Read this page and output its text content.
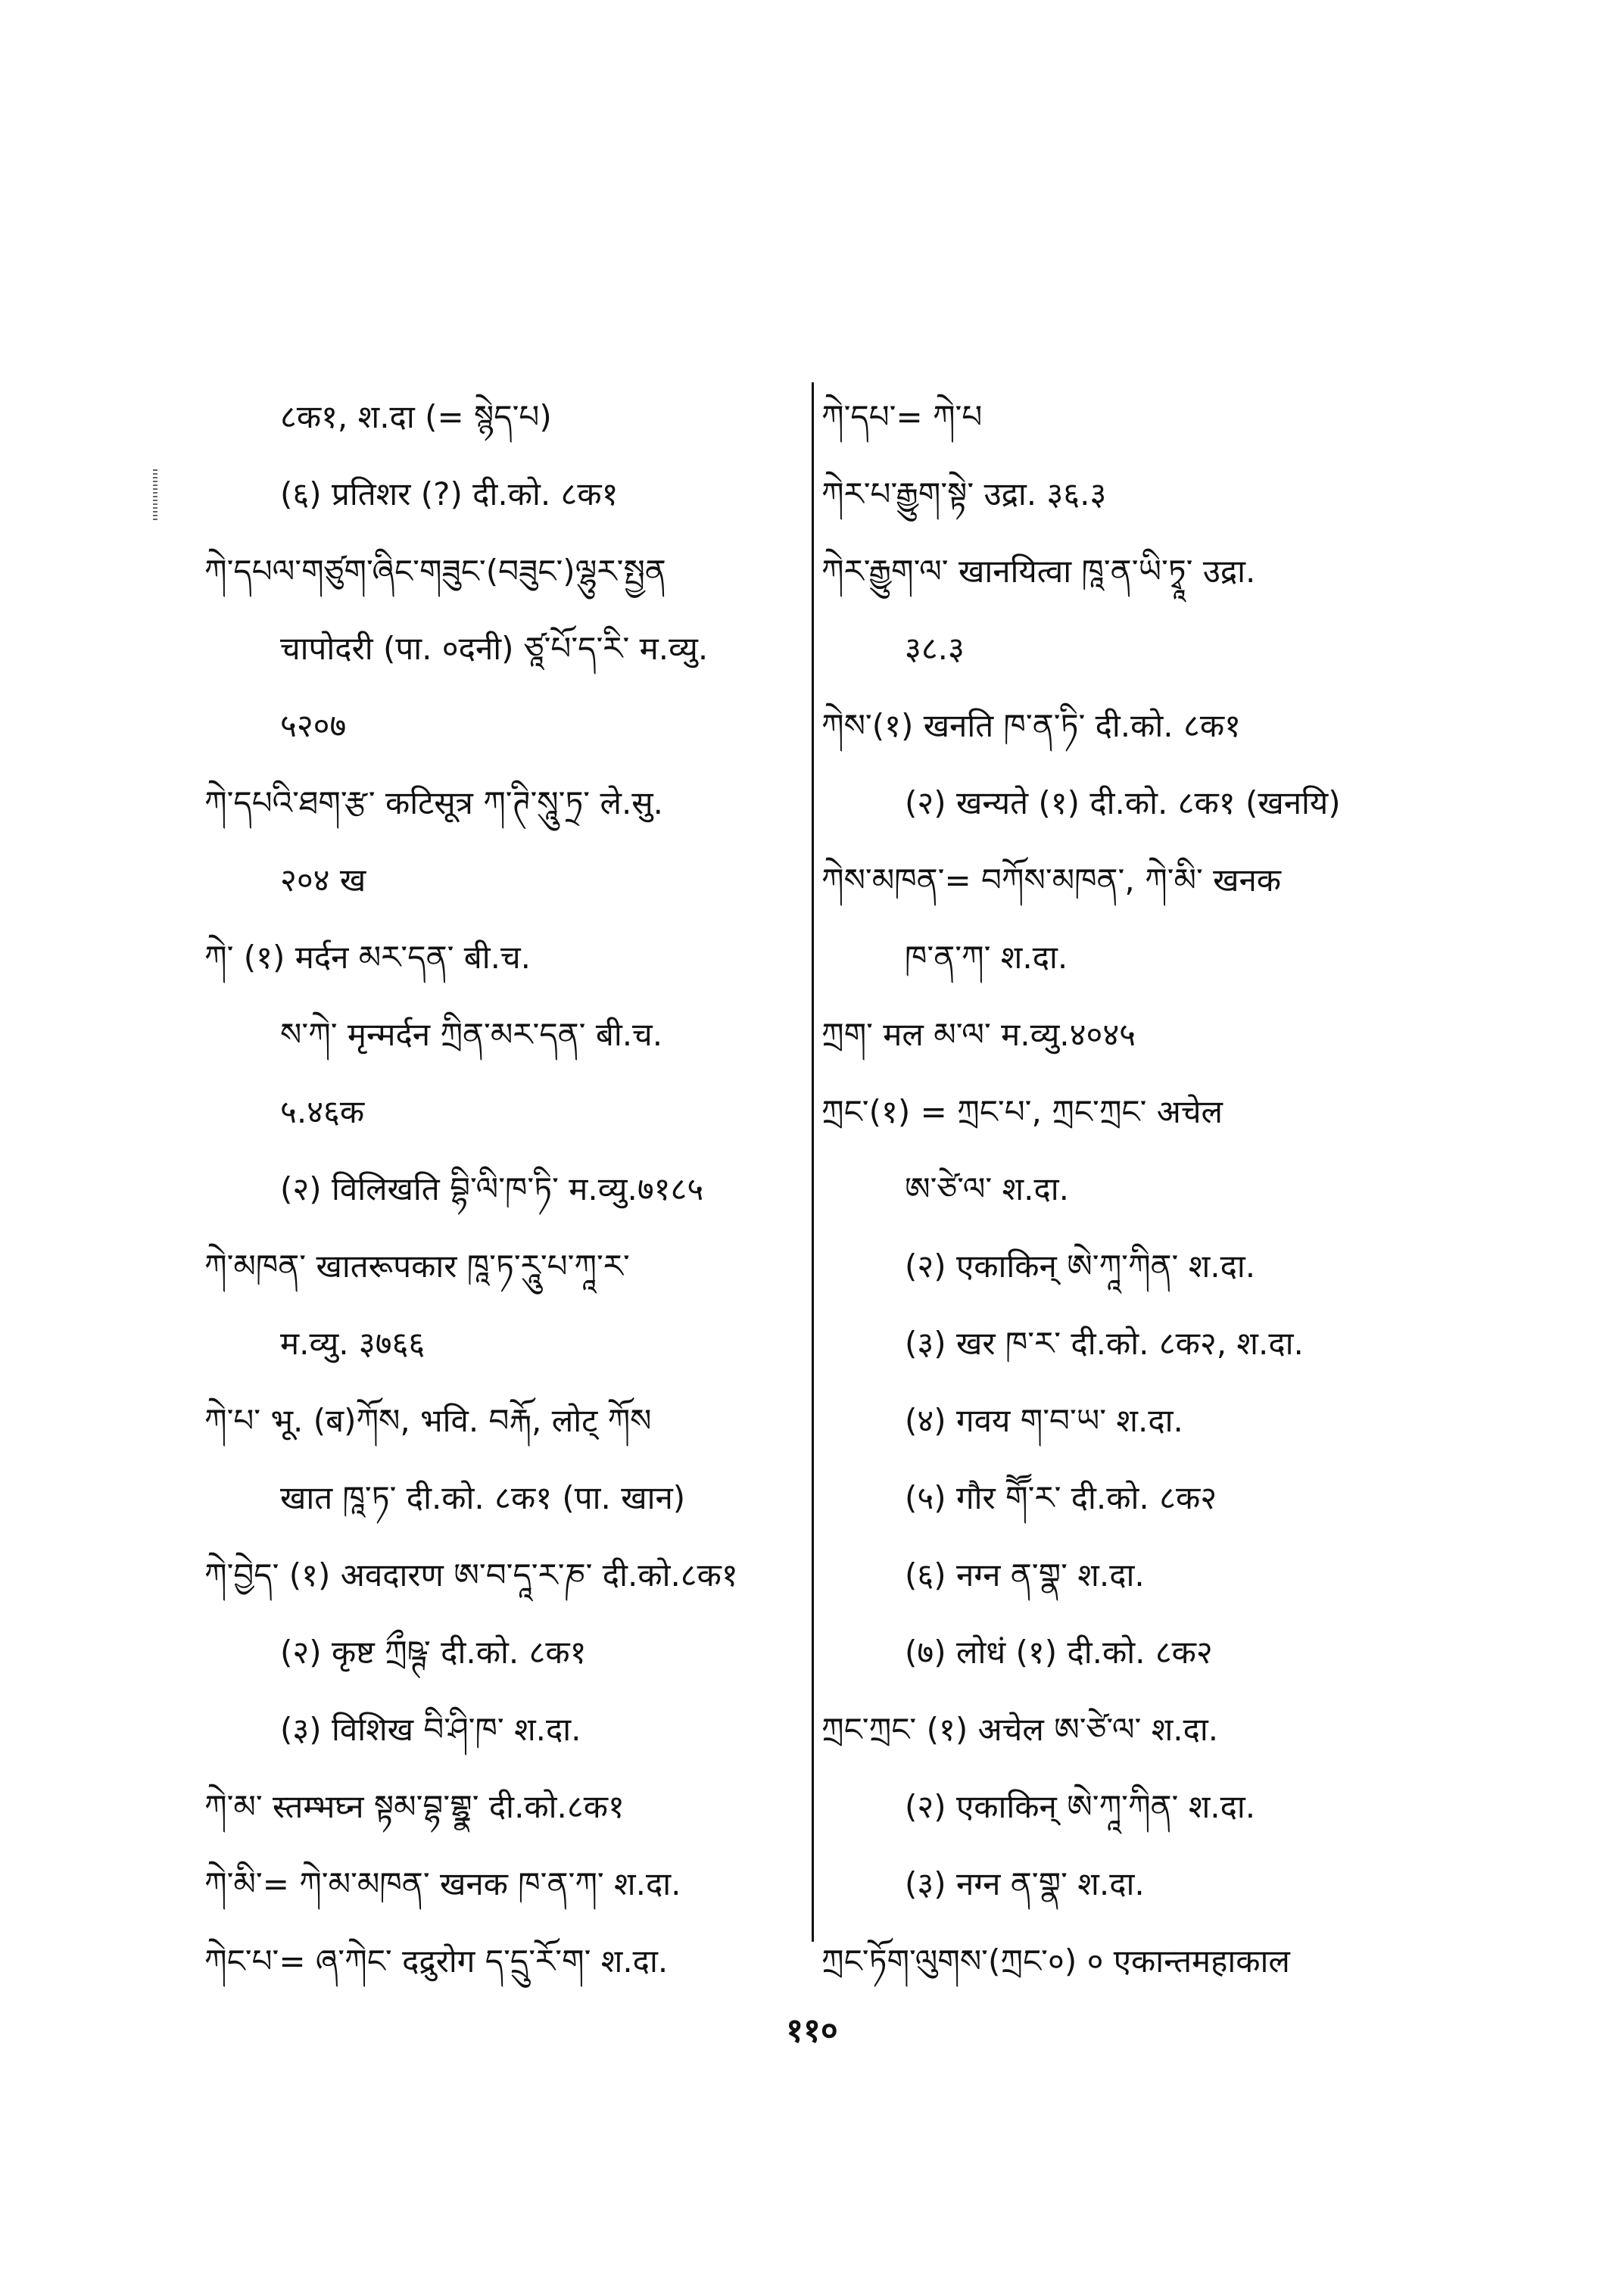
८क१, श.दा (= སྙེད་པ)
(६) प्रतिशर (?) दी.को. ८क१
ཀེ་དཔལ་གཙུག་ཞིང་གཟུང་(བཟུང་)ལྷུར་སྤྱན
चापोदरी (पा. ०दनी) ཙཱ་པོ་ད་རི་ म.व्यु.
५२०७
ཀེ་དཔའི་ཐག་རྩ་ कटिसूत्र ཀ་ཊི་སཱུ་ཏྲ་ ले.सु.
२०४ ख
ཀེ་ (१) मर्दन མར་དན་ बी.च.
ས་ཀེ་ मृन्मर्दन ཀྲིན་མར་དན་ बी.च.
५.४६क
(२) विलिखति བྷི་ལི་ཁ་ཏི་ म.व्यु.७१८५
ཀེ་མཁན་ खातरूपकार ཁཱ་ཏ་རཱུ་པ་ཀཱ་ར་
म.व्यु. ३७६६
ཀེ་པ་ भू. (ब)ཀོས, भवि. བརྐོ, लोट् ཀོས
खात ཁཱ་ཏ་ दी.को. ८क१ (पा. खान)
ཀེ་བྱེད་ (१) अवदारण ཨ་བ་དཱ་ར་ཎ་ दी.को.८क१
(२) कृष्ट ཀྲྀཥྚ་ दी.को. ८क१
(३) विशिख བི་ཤི་ཁ་ श.दा.
ཀེ་མ་ स्तम्भघ्न སྟམ་བྷ་གྷྣ་ दी.को.८क१
ཀེ་མི་= ཀེ་མ་མཁན་ खनक ཁ་ན་ཀ་ श.दा.
ཀེང་པ་= ཞ་ཀེང་ दद्रुरोग ད་དྲུ་རོ་ག་ श.दा.
ཀེ་དཔ་= ཀེ་པ
ཀེར་པ་རྒྱུག་སྟེ་ उद्रा. ३६.३
ཀེར་རྒྱུག་ལ་ खानयित्वा ཁཱ་ན་ཡི་ཏྭཱ་ उद्रा.
३८.३
ཀེས་(१) खनति ཁ་ན་ཏི་ दी.को. ८क१
(२) खन्यते (१) दी.को. ८क१ (खनयि)
ཀེས་མཁན་= བཀོས་མཁན་, ཀེ་མི་ खनक
ཁ་ན་ཀ་ श.दा.
ཀྲག་ मल མ་ལ་ म.व्यु.४०४५
ཀྲང་(१) = ཀྲང་པ་, ཀྲང་ཀྲང་ अचेल
ཨ་ཙེ་ལ་ श.दा.
(२) एकाकिन् ཨེ་ཀཱ་ཀིན་ श.दा.
(३) खर ཁ་ར་ दी.को. ८क२, श.दा.
(४) गवय ག་བ་ཡ་ श.दा.
(५) गौर གཽ་ར་ दी.को. ८क२
(६) नग्न ན་གྣ་ श.दा.
(७) लोधं (१) दी.को. ८क२
ཀྲང་ཀྲང་ (१) अचेल ཨ་ཙེ་ལ་ श.दा.
(२) एकाकिन् ཨེ་ཀཱ་ཀིན་ श.दा.
(३) नग्न ན་གྣ་ श.दा.
ཀྲང་ཏོག་ལུགས་(ཀྲང་०) ० एकान्तमहाकाल
११०
